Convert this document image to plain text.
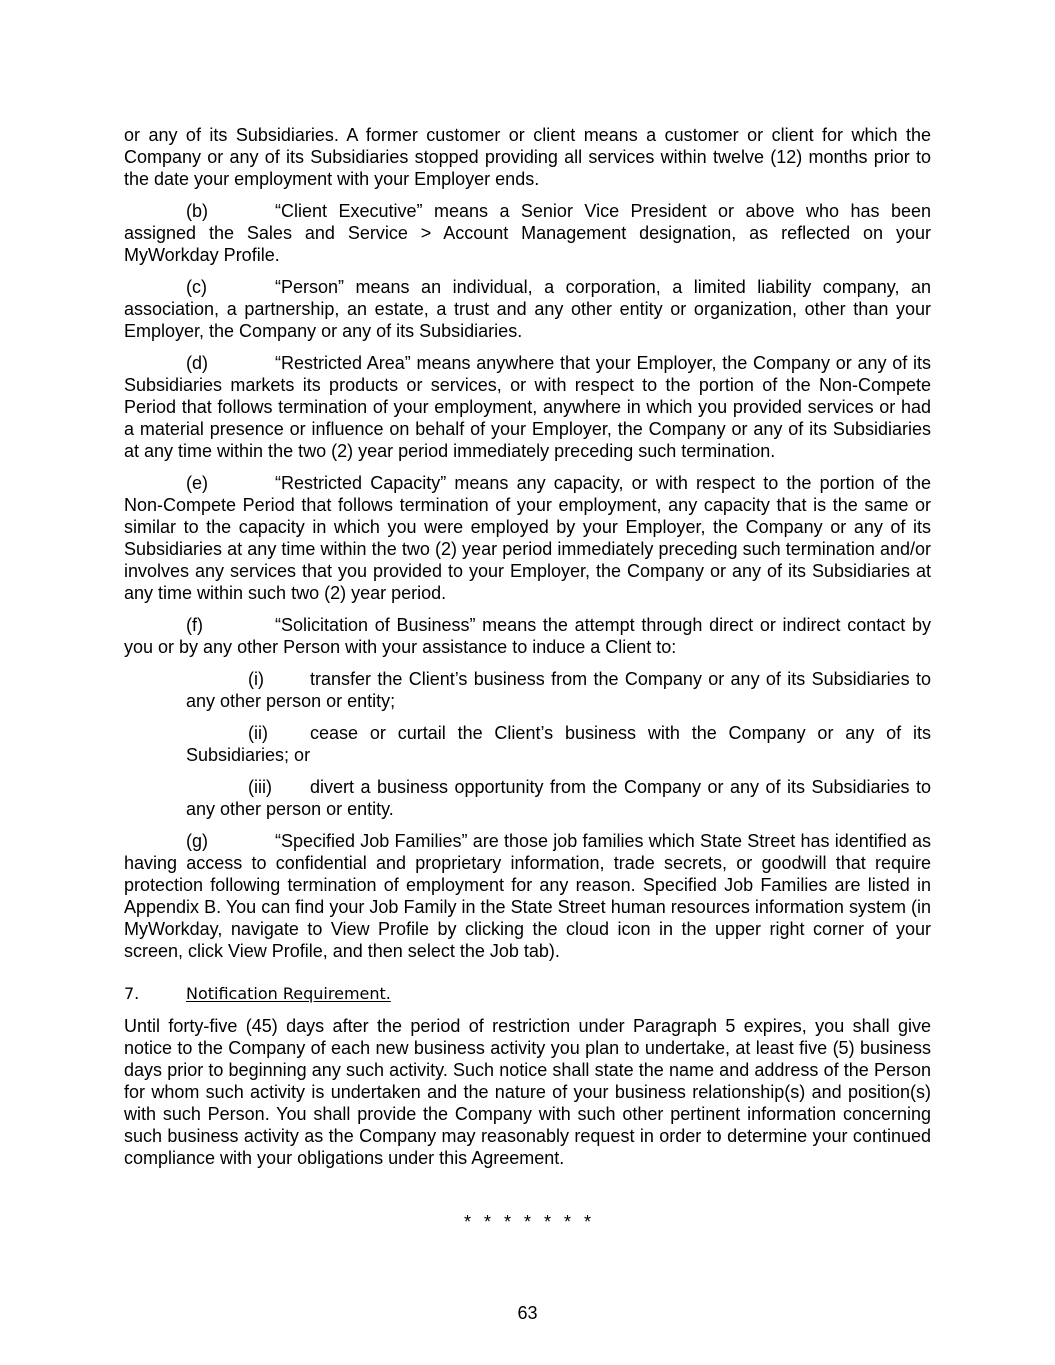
or any of its Subsidiaries. A former customer or client means a customer or client for which the Company or any of its Subsidiaries stopped providing all services within twelve (12) months prior to the date your employment with your Employer ends.

(b)	“Client Executive” means a Senior Vice President or above who has been assigned the Sales and Service > Account Management designation, as reflected on your MyWorkday Profile.

(c)	“Person” means an individual, a corporation, a limited liability company, an association, a partnership, an estate, a trust and any other entity or organization, other than your Employer, the Company or any of its Subsidiaries.

(d)	“Restricted Area” means anywhere that your Employer, the Company or any of its Subsidiaries markets its products or services, or with respect to the portion of the Non-Compete Period that follows termination of your employment, anywhere in which you provided services or had a material presence or influence on behalf of your Employer, the Company or any of its Subsidiaries at any time within the two (2) year period immediately preceding such termination.

(e)	“Restricted Capacity” means any capacity, or with respect to the portion of the Non-Compete Period that follows termination of your employment, any capacity that is the same or similar to the capacity in which you were employed by your Employer, the Company or any of its Subsidiaries at any time within the two (2) year period immediately preceding such termination and/or involves any services that you provided to your Employer, the Company or any of its Subsidiaries at any time within such two (2) year period.

(f)	“Solicitation of Business” means the attempt through direct or indirect contact by you or by any other Person with your assistance to induce a Client to:

(i)	transfer the Client’s business from the Company or any of its Subsidiaries to any other person or entity;

(ii) cease or curtail the Client’s business with the Company or any of its Subsidiaries; or

(iii) divert a business opportunity from the Company or any of its Subsidiaries to any other person or entity.

(g)	“Specified Job Families” are those job families which State Street has identified as having access to confidential and proprietary information, trade secrets, or goodwill that require protection following termination of employment for any reason. Specified Job Families are listed in Appendix B. You can find your Job Family in the State Street human resources information system (in MyWorkday, navigate to View Profile by clicking the cloud icon in the upper right corner of your screen, click View Profile, and then select the Job tab).

7.	Notification Requirement.

Until forty-five (45) days after the period of restriction under Paragraph 5 expires, you shall give notice to the Company of each new business activity you plan to undertake, at least five (5) business days prior to beginning any such activity. Such notice shall state the name and address of the Person for whom such activity is undertaken and the nature of your business relationship(s) and position(s) with such Person. You shall provide the Company with such other pertinent information concerning such business activity as the Company may reasonably request in order to determine your continued compliance with your obligations under this Agreement.

* * * * * * *
63
